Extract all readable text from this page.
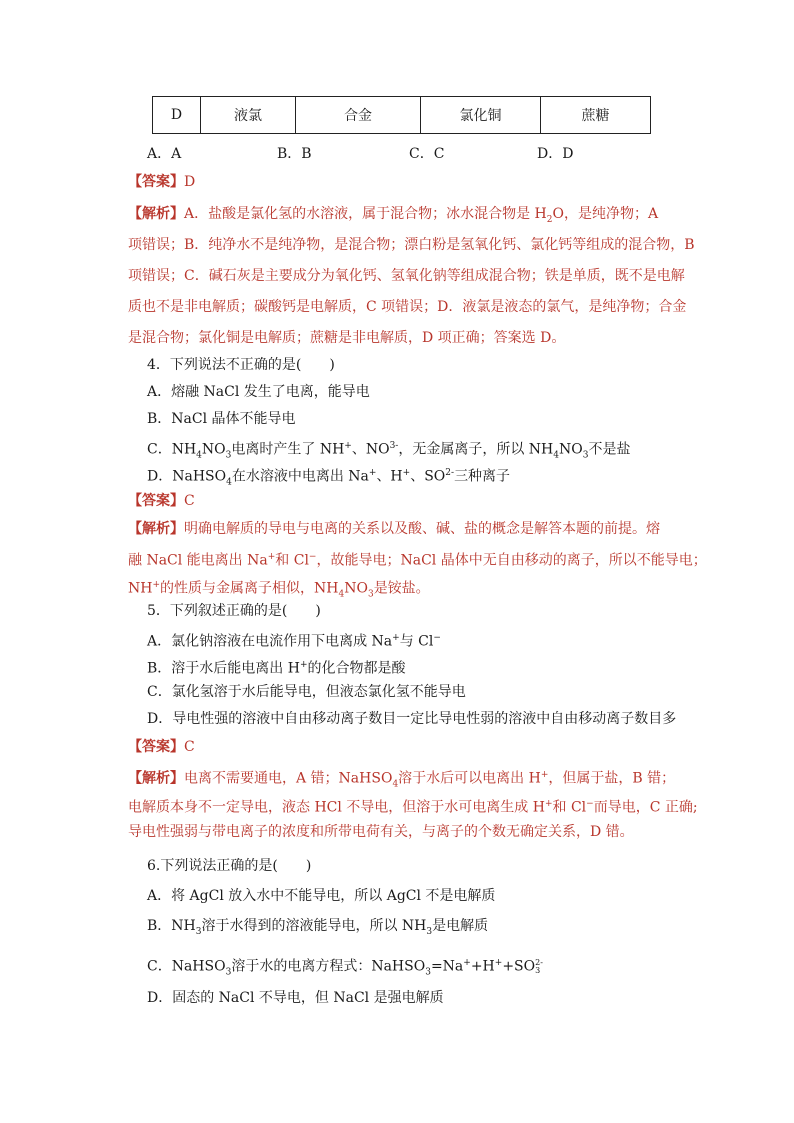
D	液氯	合金	氯化铜	蔗糖
A．A	B．B	C．C	D．D
【答案】D
【解析】A．盐酸是氯化氢的水溶液，属于混合物；冰水混合物是 $H_2O$，是纯净物；A
项错误；B．纯净水不是纯净物，是混合物；漂白粉是氢氧化钙、氯化钙等组成的混合物，B
项错误；C．碱石灰是主要成分为氧化钙、氢氧化钠等组成混合物；铁是单质，既不是电解
质也不是非电解质；碳酸钙是电解质，C 项错误；D．液氯是液态的氯气，是纯净物；合金
是混合物；氯化铜是电解质；蔗糖是非电解质，D 项正确；答案选 D。
4．下列说法不正确的是(　　)
A．熔融 NaCl 发生了电离，能导电
B．NaCl 晶体不能导电
C．$NH_4NO_3$电离时产生了 NH+、$NO^{3-}$，无金属离子，所以 $NH_4NO_3$不是盐
D．NaHSO$_4$在水溶液中电离出 Na+、H+、$SO^{2-}$三种离子
【答案】C
【解析】明确电解质的导电与电离的关系以及酸、碱、盐的概念是解答本题的前提。熔
融 NaCl 能电离出 Na+和 Cl−，故能导电；NaCl 晶体中无自由移动的离子，所以不能导电；
NH+的性质与金属离子相似，$NH_4NO_3$是铵盐。
5．下列叙述正确的是(　　)
A．氯化钠溶液在电流作用下电离成 Na+与 Cl−
B．溶于水后能电离出 H+的化合物都是酸
C．氯化氢溶于水后能导电，但液态氯化氢不能导电
D．导电性强的溶液中自由移动离子数目一定比导电性弱的溶液中自由移动离子数目多
【答案】C
【解析】电离不需要通电，A 错；NaHSO$_4$溶于水后可以电离出 H+，但属于盐，B 错；
电解质本身不一定导电，液态 HCl 不导电，但溶于水可电离生成 H+和 Cl−而导电，C 正确;
导电性强弱与带电离子的浓度和所带电荷有关，与离子的个数无确定关系，D 错。
6.下列说法正确的是(　　)
A．将 AgCl 放入水中不能导电，所以 AgCl 不是电解质
B．$NH_3$溶于水得到的溶液能导电，所以 $NH_3$是电解质
C．NaHSO$_3$溶于水的电离方程式：NaHSO$_3$=Na++H++SO 2-
3
D．固态的 NaCl 不导电，但 NaCl 是强电解质
